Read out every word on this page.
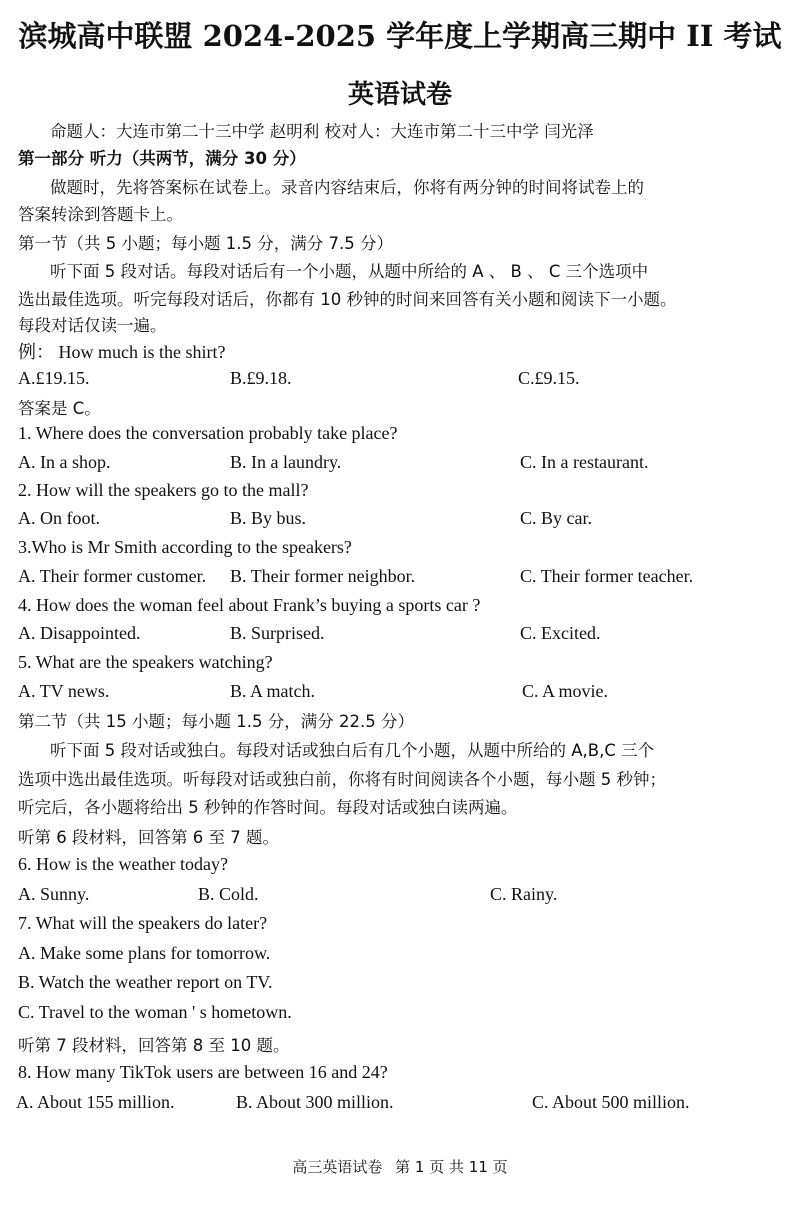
滨城高中联盟 2024-2025 学年度上学期高三期中 II 考试
英语试卷
命题人：大连市第二十三中学 赵明利 校对人：大连市第二十三中学 闫光泽
第一部分 听力（共两节，满分 30 分）
做题时，先将答案标在试卷上。录音内容结束后，你将有两分钟的时间将试卷上的
答案转涂到答题卡上。
第一节（共 5 小题；每小题 1.5 分，满分 7.5 分）
听下面 5 段对话。每段对话后有一个小题，从题中所给的 A 、 B 、 C 三个选项中
选出最佳选项。听完每段对话后，你都有 10 秒钟的时间来回答有关小题和阅读下一小题。
每段对话仅读一遍。
例： How much is the shirt?
A.£19.15.	B.£9.18.	C.£9.15.
答案是 C。
1. Where does the conversation probably take place?
A. In a shop.	B. In a laundry.	C. In a restaurant.
2. How will the speakers go to the mall?
A. On foot.	B. By bus.	C. By car.
3.Who is Mr Smith according to the speakers?
A. Their former customer. B. Their former neighbor.	C. Their former teacher.
4. How does the woman feel about Frank’s buying a sports car ?
A. Disappointed.	B. Surprised.	C. Excited.
5. What are the speakers watching?
A. TV news.	B. A match.	C. A movie.
第二节（共 15 小题；每小题 1.5 分，满分 22.5 分）
听下面 5 段对话或独白。每段对话或独白后有几个小题，从题中所给的 A,B,C 三个
选项中选出最佳选项。听每段对话或独白前，你将有时间阅读各个小题，每小题 5 秒钟；
听完后，各小题将给出 5 秒钟的作答时间。每段对话或独白读两遍。
听第 6 段材料，回答第 6 至 7 题。
6. How is the weather today?
A. Sunny.	B. Cold.	C. Rainy.
7. What will the speakers do later?
A. Make some plans for tomorrow.
B. Watch the weather report on TV.
C. Travel to the woman ' s hometown.
听第 7 段材料，回答第 8 至 10 题。
8. How many TikTok users are between 16 and 24?
A. About 155 million.	B. About 300 million.	C. About 500 million.
高三英语试卷 第 1 页 共 11 页
